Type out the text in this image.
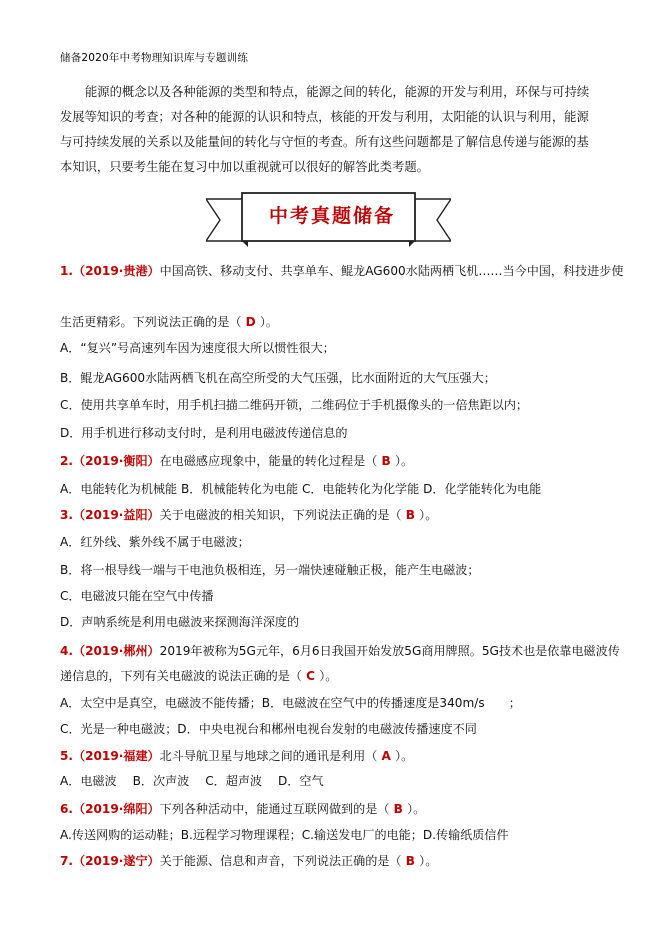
储备2020年中考物理知识库与专题训练
能源的概念以及各种能源的类型和特点，能源之间的转化，能源的开发与利用，环保与可持续发展等知识的考查；对各种的能源的认识和特点，核能的开发与利用，太阳能的认识与利用，能源与可持续发展的关系以及能量间的转化与守恒的考查。所有这些问题都是了解信息传递与能源的基本知识，只要考生能在复习中加以重视就可以很好的解答此类考题。
中考真题储备
1.（2019·贵港）中国高铁、移动支付、共享单车、鲲龙AG600水陆两栖飞机……当今中国，科技进步使
生活更精彩。下列说法正确的是（ D ）。
A．“复兴”号高速列车因为速度很大所以惯性很大；
B．鲲龙AG600水陆两栖飞机在高空所受的大气压强，比水面附近的大气压强大；
C．使用共享单车时，用手机扫描二维码开锁，二维码位于手机摄像头的一倍焦距以内；
D．用手机进行移动支付时，是利用电磁波传递信息的
2.（2019·衡阳）在电磁感应现象中，能量的转化过程是（ B ）。
A．电能转化为机械能 B．机械能转化为电能 C．电能转化为化学能 D．化学能转化为电能
3.（2019·益阳）关于电磁波的相关知识，下列说法正确的是（ B ）。
A．红外线、紫外线不属于电磁波；
B．将一根导线一端与干电池负极相连，另一端快速碰触正极，能产生电磁波；
C．电磁波只能在空气中传播
D．声呐系统是利用电磁波来探测海洋深度的
4.（2019·郴州）2019年被称为5G元年，6月6日我国开始发放5G商用牌照。5G技术也是依靠电磁波传
递信息的，下列有关电磁波的说法正确的是（ C ）。
A．太空中是真空，电磁波不能传播；B．电磁波在空气中的传播速度是340m/s　　；
C．光是一种电磁波；D．中央电视台和郴州电视台发射的电磁波传播速度不同
5.（2019·福建）北斗导航卫星与地球之间的通讯是利用（ A ）。
A．电磁波　 B．次声波　 C．超声波　 D．空气
6.（2019·绵阳）下列各种活动中，能通过互联网做到的是（ B ）。
A.传送网购的运动鞋；B.远程学习物理课程；C.输送发电厂的电能；D.传输纸质信件
7.（2019·遂宁）关于能源、信息和声音，下列说法正确的是（ B ）。
